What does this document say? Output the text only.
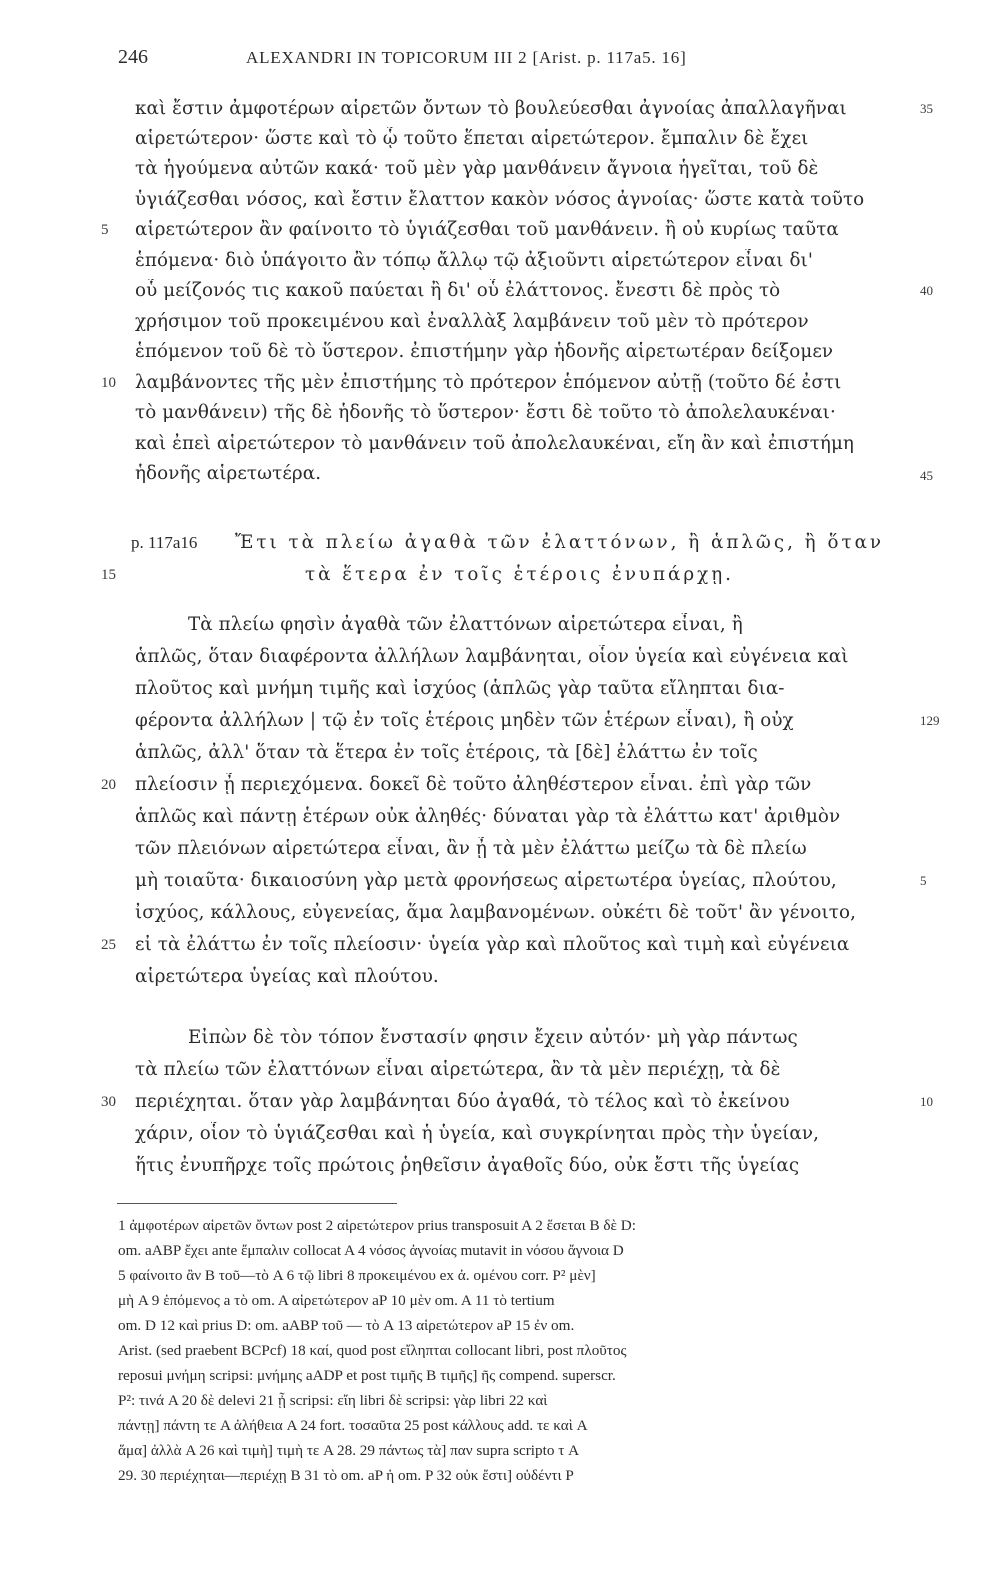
246	ALEXANDRI IN TOPICORUM III 2 [Arist. p. 117a5. 16]
καὶ ἔστιν ἀμφοτέρων αἱρετῶν ὄντων τὸ βουλεύεσθαι ἀγνοίας ἀπαλλαγῆναι
αἱρετώτερον· ὥστε καὶ τὸ ᾧ τοῦτο ἕπεται αἱρετώτερον. ἔμπαλιν δὲ ἔχει
τὰ ἡγούμενα αὐτῶν κακά· τοῦ μὲν γὰρ μανθάνειν ἄγνοια ἡγεῖται, τοῦ δὲ
ὑγιάζεσθαι νόσος, καὶ ἔστιν ἔλαττον κακὸν νόσος ἀγνοίας· ὥστε κατὰ τοῦτο
αἱρετώτερον ἂν φαίνοιτο τὸ ὑγιάζεσθαι τοῦ μανθάνειν. ἢ οὐ κυρίως ταῦτα
ἑπόμενα· διὸ ὑπάγοιτο ἂν τόπῳ ἄλλῳ τῷ ἀξιοῦντι αἱρετώτερον εἶναι δι'
οὗ μείζονός τις κακοῦ παύεται ἢ δι' οὗ ἐλάττονος. ἔνεστι δὲ πρὸς τὸ
χρήσιμον τοῦ προκειμένου καὶ ἐναλλὰξ λαμβάνειν τοῦ μὲν τὸ πρότερον
ἑπόμενον τοῦ δὲ τὸ ὕστερον. ἐπιστήμην γὰρ ἡδονῆς αἱρετωτέραν δείξομεν
λαμβάνοντες τῆς μὲν ἐπιστήμης τὸ πρότερον ἑπόμενον αὐτῇ (τοῦτο δέ ἐστι
τὸ μανθάνειν) τῆς δὲ ἡδονῆς τὸ ὕστερον· ἔστι δὲ τοῦτο τὸ ἀπολελαυκέναι·
καὶ ἐπεὶ αἱρετώτερον τὸ μανθάνειν τοῦ ἀπολελαυκέναι, εἴη ἂν καὶ ἐπιστήμη
ἡδονῆς αἱρετωτέρα.
p. 117a16 Ἔτι τὰ πλείω ἀγαθὰ τῶν ἐλαττόνων, ἢ ἁπλῶς, ἢ ὅταν
τὰ ἕτερα ἐν τοῖς ἑτέροις ἐνυπάρχῃ.
Τὰ πλείω φησὶν ἀγαθὰ τῶν ἐλαττόνων αἱρετώτερα εἶναι, ἢ
ἁπλῶς, ὅταν διαφέροντα ἀλλήλων λαμβάνηται, οἷον ὑγεία καὶ εὐγένεια καὶ
πλοῦτος καὶ μνήμη τιμῆς καὶ ἰσχύος (ἁπλῶς γὰρ ταῦτα εἴληπται δια-
φέροντα ἀλλήλων | τῷ ἐν τοῖς ἑτέροις μηδὲν τῶν ἑτέρων εἶναι), ἢ οὐχ
ἁπλῶς, ἀλλ' ὅταν τὰ ἕτερα ἐν τοῖς ἑτέροις, τὰ [δὲ] ἐλάττω ἐν τοῖς
πλείοσιν ᾖ περιεχόμενα. δοκεῖ δὲ τοῦτο ἀληθέστερον εἶναι. ἐπὶ γὰρ τῶν
ἁπλῶς καὶ πάντῃ ἑτέρων οὐκ ἀληθές· δύναται γὰρ τὰ ἐλάττω κατ' ἀριθμὸν
τῶν πλειόνων αἱρετώτερα εἶναι, ἂν ᾖ τὰ μὲν ἐλάττω μείζω τὰ δὲ πλείω
μὴ τοιαῦτα· δικαιοσύνη γὰρ μετὰ φρονήσεως αἱρετωτέρα ὑγείας, πλούτου,
ἰσχύος, κάλλους, εὐγενείας, ἅμα λαμβανομένων. οὐκέτι δὲ τοῦτ' ἂν γένοιτο,
εἰ τὰ ἐλάττω ἐν τοῖς πλείοσιν· ὑγεία γὰρ καὶ πλοῦτος καὶ τιμὴ καὶ εὐγένεια
αἱρετώτερα ὑγείας καὶ πλούτου.
Εἰπὼν δὲ τὸν τόπον ἔνστασίν φησιν ἔχειν αὐτόν· μὴ γὰρ πάντως
τὰ πλείω τῶν ἐλαττόνων εἶναι αἱρετώτερα, ἂν τὰ μὲν περιέχῃ, τὰ δὲ
περιέχηται. ὅταν γὰρ λαμβάνηται δύο ἀγαθά, τὸ τέλος καὶ τὸ ἐκείνου
χάριν, οἷον τὸ ὑγιάζεσθαι καὶ ἡ ὑγεία, καὶ συγκρίνηται πρὸς τὴν ὑγείαν,
ἥτις ἐνυπῆρχε τοῖς πρώτοις ῥηθεῖσιν ἀγαθοῖς δύο, οὐκ ἔστι τῆς ὑγείας
5
10
15
20
25
30
35
40
45
129
5
10
1 ἀμφοτέρων αἱρετῶν ὄντων post 2 αἱρετώτερον prius transposuit A 2 ἕσεται B δὲ D:
om. aABP ἔχει ante ἔμπαλιν collocat A 4 νόσος ἀγνοίας mutavit in νόσου ἄγνοια D
5 φαίνοιτο ἂν B τοῦ—τὸ A 6 τῷ libri 8 προκειμένου ex ἀ. ομένου corr. P² μὲν]
μὴ A 9 ἑπόμενος a τὸ om. A αἱρετώτερον aP 10 μὲν om. A 11 τὸ tertium
om. D 12 καὶ prius D: om. aABP τοῦ — τὸ A 13 αἱρετώτερον aP 15 ἐν om.
Arist. (sed praebent BCPcf) 18 καί, quod post εἴληπται collocant libri, post πλοῦτος
reposui μνήμη scripsi: μνήμης aADP et post τιμῆς B τιμῆς] ῆς compend. superscr.
P²: τινά A 20 δὲ delevi 21 ᾖ scripsi: εἴη libri δὲ scripsi: γὰρ libri 22 καὶ
πάντῃ] πάντη τε A ἀλήθεια A 24 fort. τοσαῦτα 25 post κάλλους add. τε καὶ A
ἅμα] ἀλλὰ A 26 καὶ τιμὴ] τιμὴ τε A 28. 29 πάντως τὰ] παν supra scripto τ A
29. 30 περιέχηται—περιέχῃ B 31 τὸ om. aP ἡ om. P 32 οὐκ ἔστι] οὐδέντι P
